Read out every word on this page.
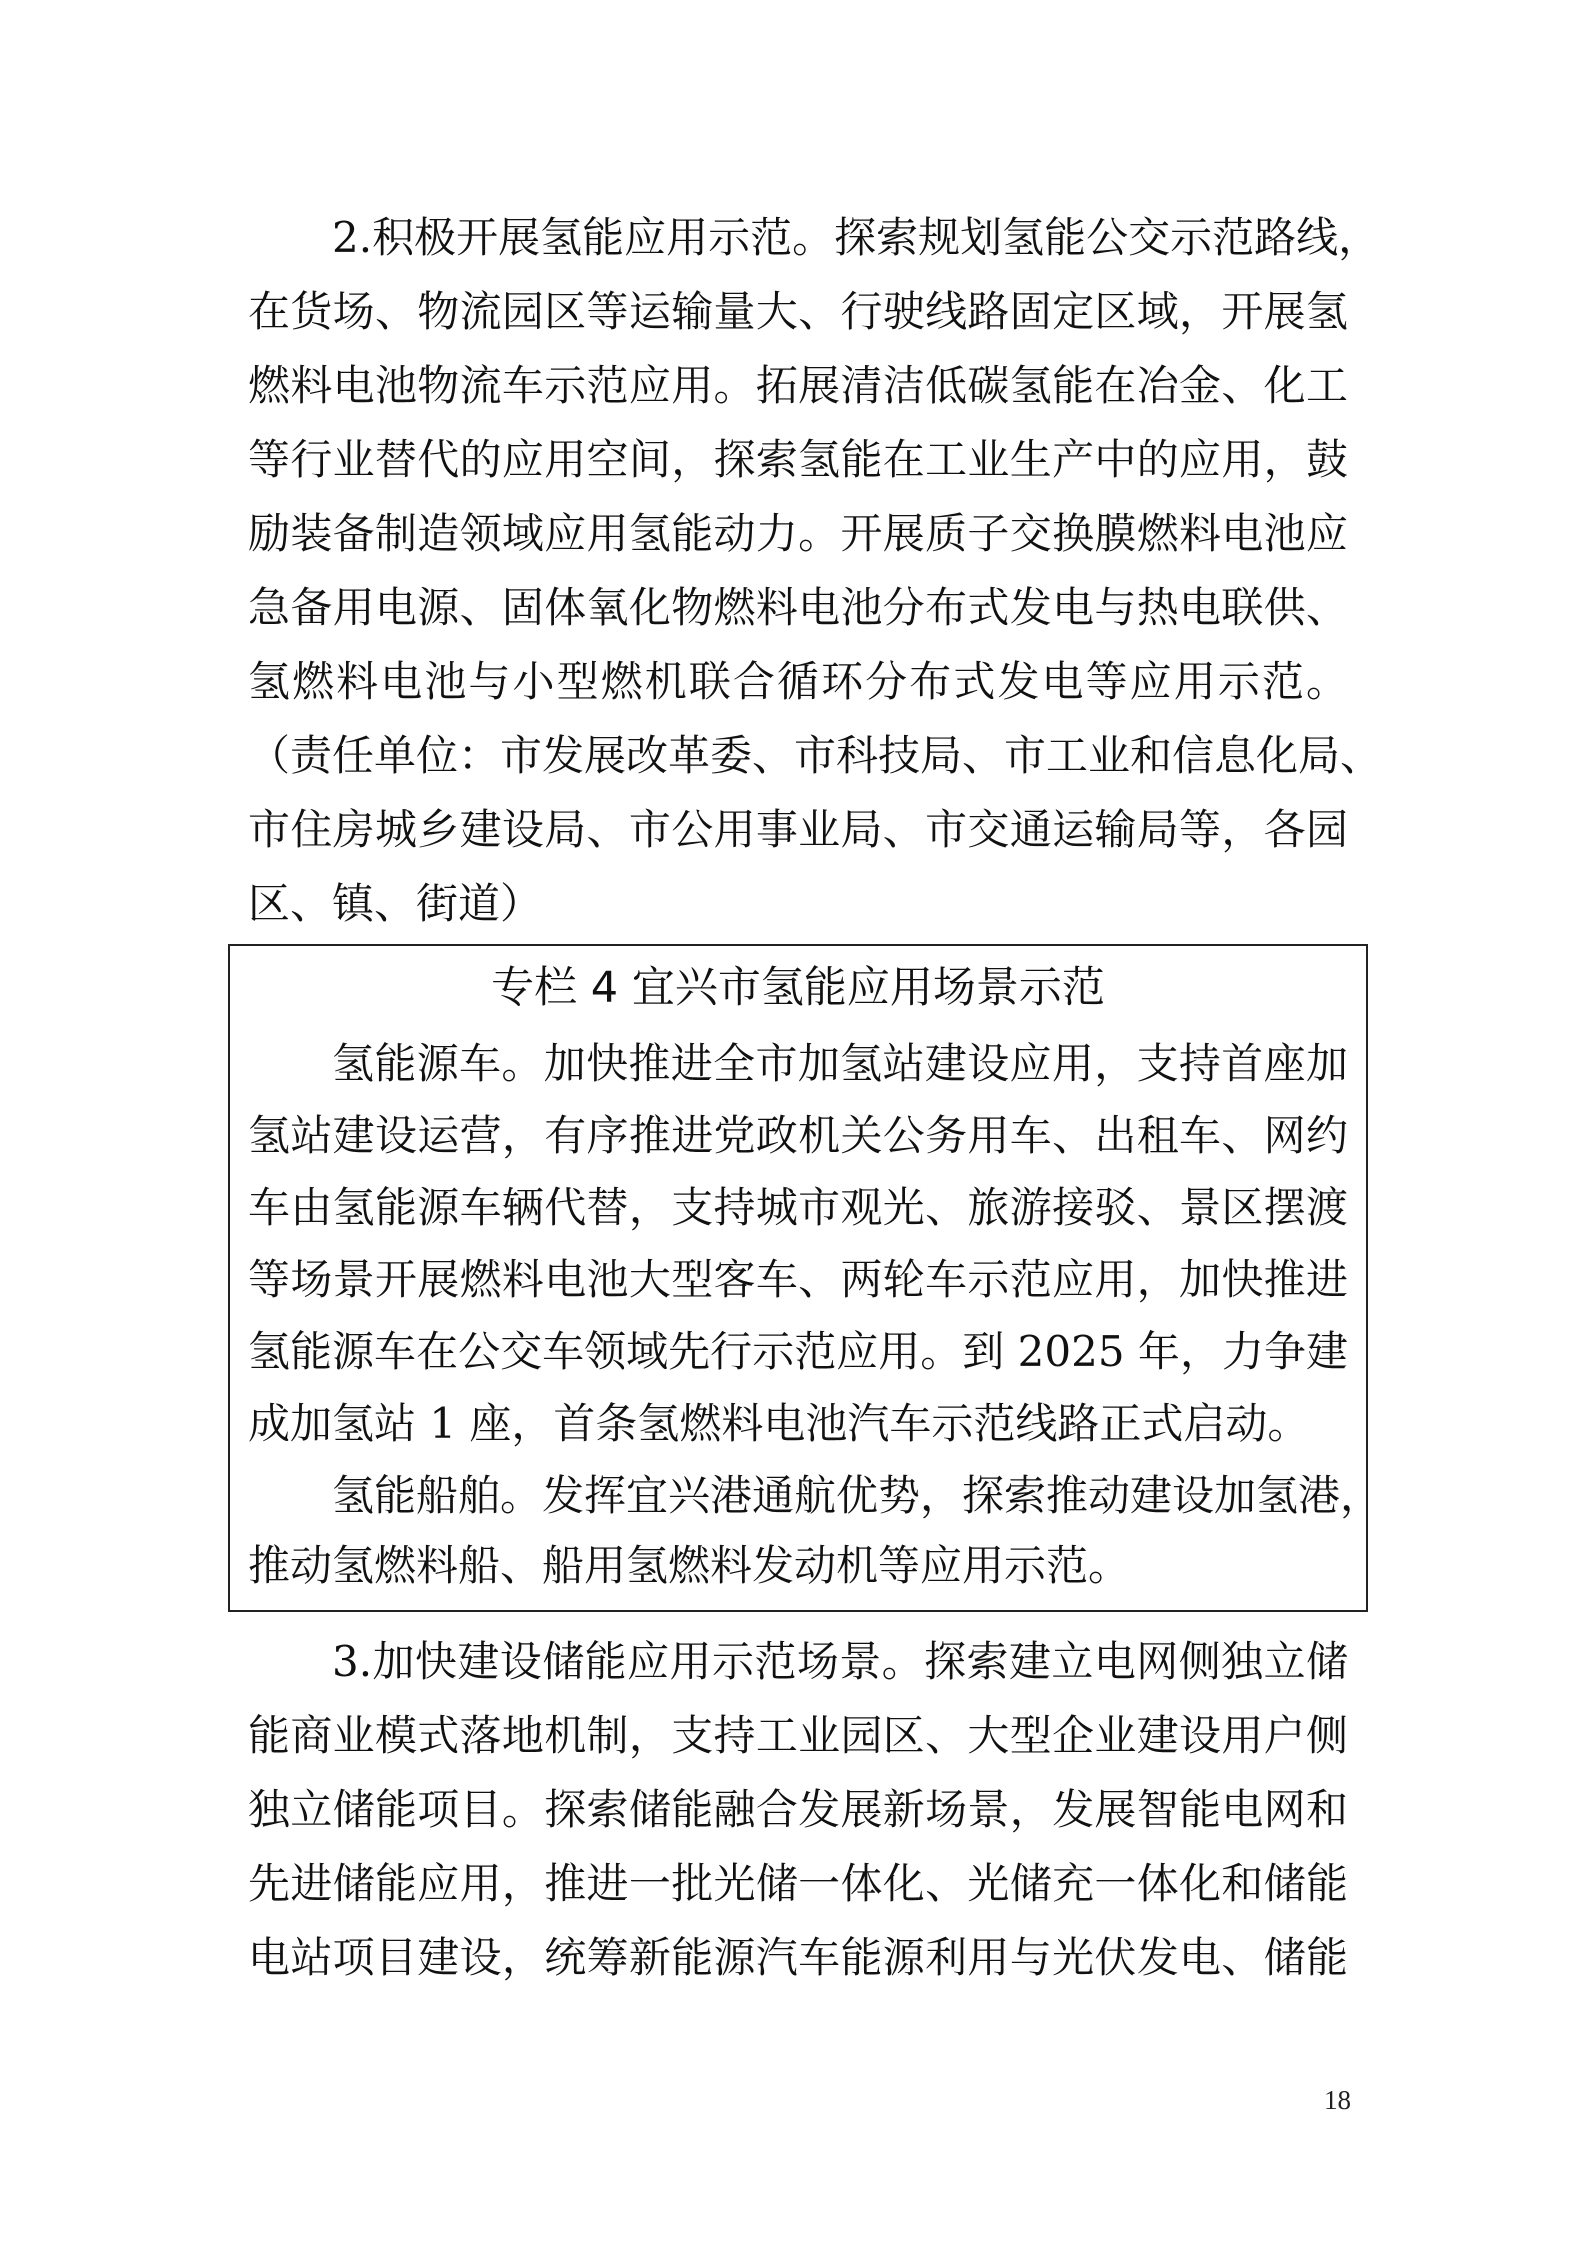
2.积极开展氢能应用示范。探索规划氢能公交示范路线，
在货场、物流园区等运输量大、行驶线路固定区域，开展氢
燃料电池物流车示范应用。拓展清洁低碳氢能在冶金、化工
等行业替代的应用空间，探索氢能在工业生产中的应用，鼓
励装备制造领域应用氢能动力。开展质子交换膜燃料电池应
急备用电源、固体氧化物燃料电池分布式发电与热电联供、
氢燃料电池与小型燃机联合循环分布式发电等应用示范。
（责任单位：市发展改革委、市科技局、市工业和信息化局、
市住房城乡建设局、市公用事业局、市交通运输局等，各园
区、镇、街道）
专栏 4 宜兴市氢能应用场景示范
氢能源车。加快推进全市加氢站建设应用，支持首座加
氢站建设运营，有序推进党政机关公务用车、出租车、网约
车由氢能源车辆代替，支持城市观光、旅游接驳、景区摆渡
等场景开展燃料电池大型客车、两轮车示范应用，加快推进
氢能源车在公交车领域先行示范应用。到 2025 年，力争建
成加氢站 1 座，首条氢燃料电池汽车示范线路正式启动。
氢能船舶。发挥宜兴港通航优势，探索推动建设加氢港，
推动氢燃料船、船用氢燃料发动机等应用示范。
3.加快建设储能应用示范场景。探索建立电网侧独立储
能商业模式落地机制，支持工业园区、大型企业建设用户侧
独立储能项目。探索储能融合发展新场景，发展智能电网和
先进储能应用，推进一批光储一体化、光储充一体化和储能
电站项目建设，统筹新能源汽车能源利用与光伏发电、储能
18
